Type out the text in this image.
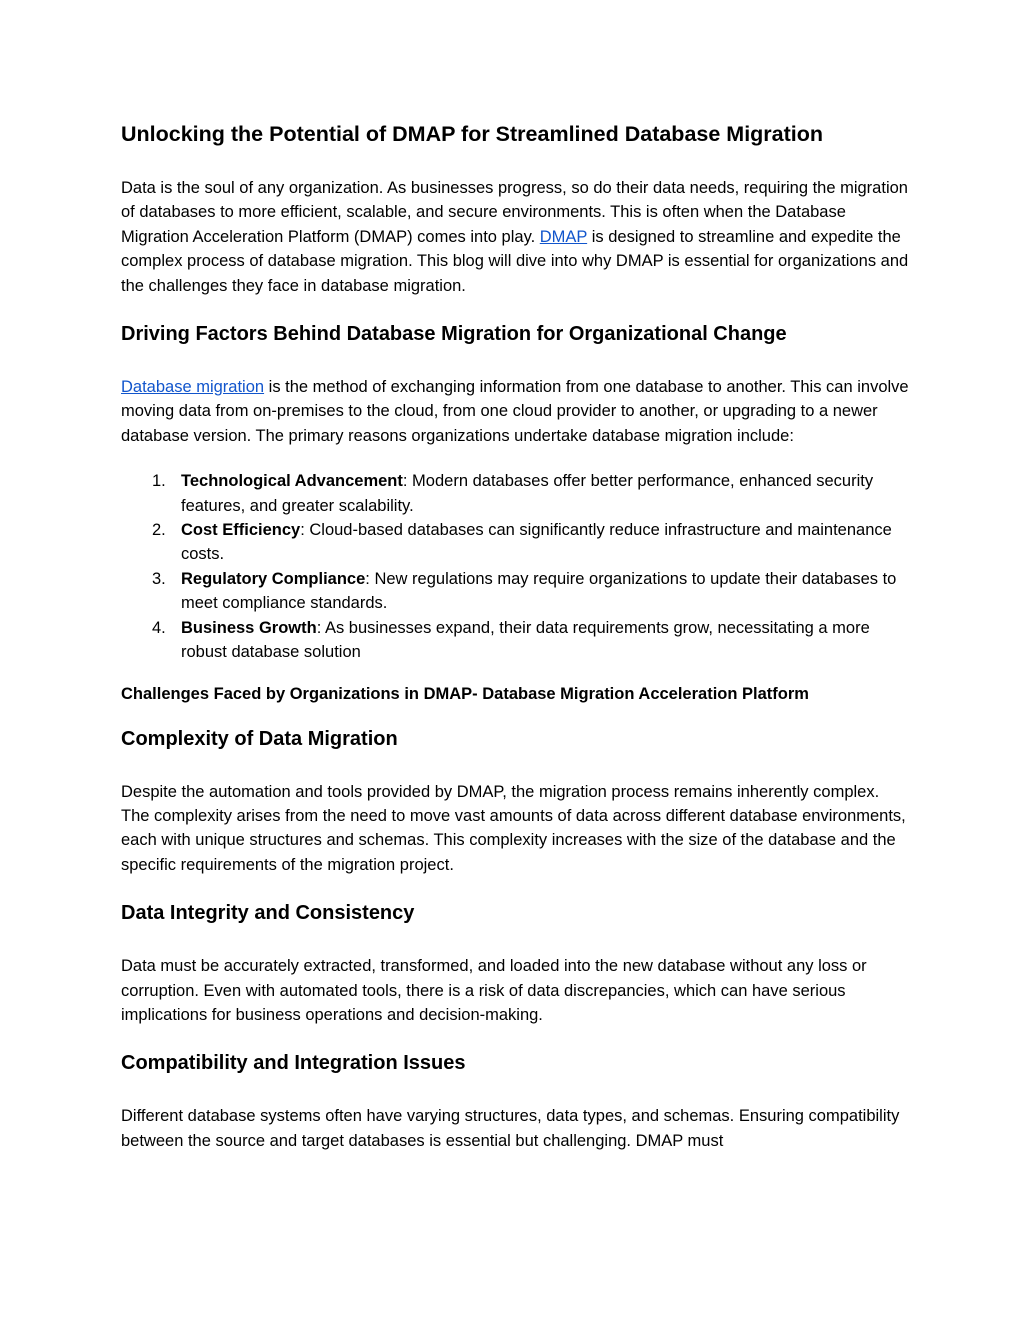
Unlocking the Potential of DMAP for Streamlined Database Migration

Data is the soul of any organization. As businesses progress, so do their data needs, requiring the migration of databases to more efficient, scalable, and secure environments. This is often when the Database Migration Acceleration Platform (DMAP) comes into play. DMAP is designed to streamline and expedite the complex process of database migration. This blog will dive into why DMAP is essential for organizations and the challenges they face in database migration.

Driving Factors Behind Database Migration for Organizational Change

Database migration is the method of exchanging information from one database to another. This can involve moving data from on-premises to the cloud, from one cloud provider to another, or upgrading to a newer database version. The primary reasons organizations undertake database migration include:

1. Technological Advancement: Modern databases offer better performance, enhanced security features, and greater scalability.
2. Cost Efficiency: Cloud-based databases can significantly reduce infrastructure and maintenance costs.
3. Regulatory Compliance: New regulations may require organizations to update their databases to meet compliance standards.
4. Business Growth: As businesses expand, their data requirements grow, necessitating a more robust database solution
Challenges Faced by Organizations in DMAP- Database Migration Acceleration Platform
Complexity of Data Migration

Despite the automation and tools provided by DMAP, the migration process remains inherently complex. The complexity arises from the need to move vast amounts of data across different database environments, each with unique structures and schemas. This complexity increases with the size of the database and the specific requirements of the migration project.

Data Integrity and Consistency

Data must be accurately extracted, transformed, and loaded into the new database without any loss or corruption. Even with automated tools, there is a risk of data discrepancies, which can have serious implications for business operations and decision-making.

Compatibility and Integration Issues

Different database systems often have varying structures, data types, and schemas. Ensuring compatibility between the source and target databases is essential but challenging. DMAP must
